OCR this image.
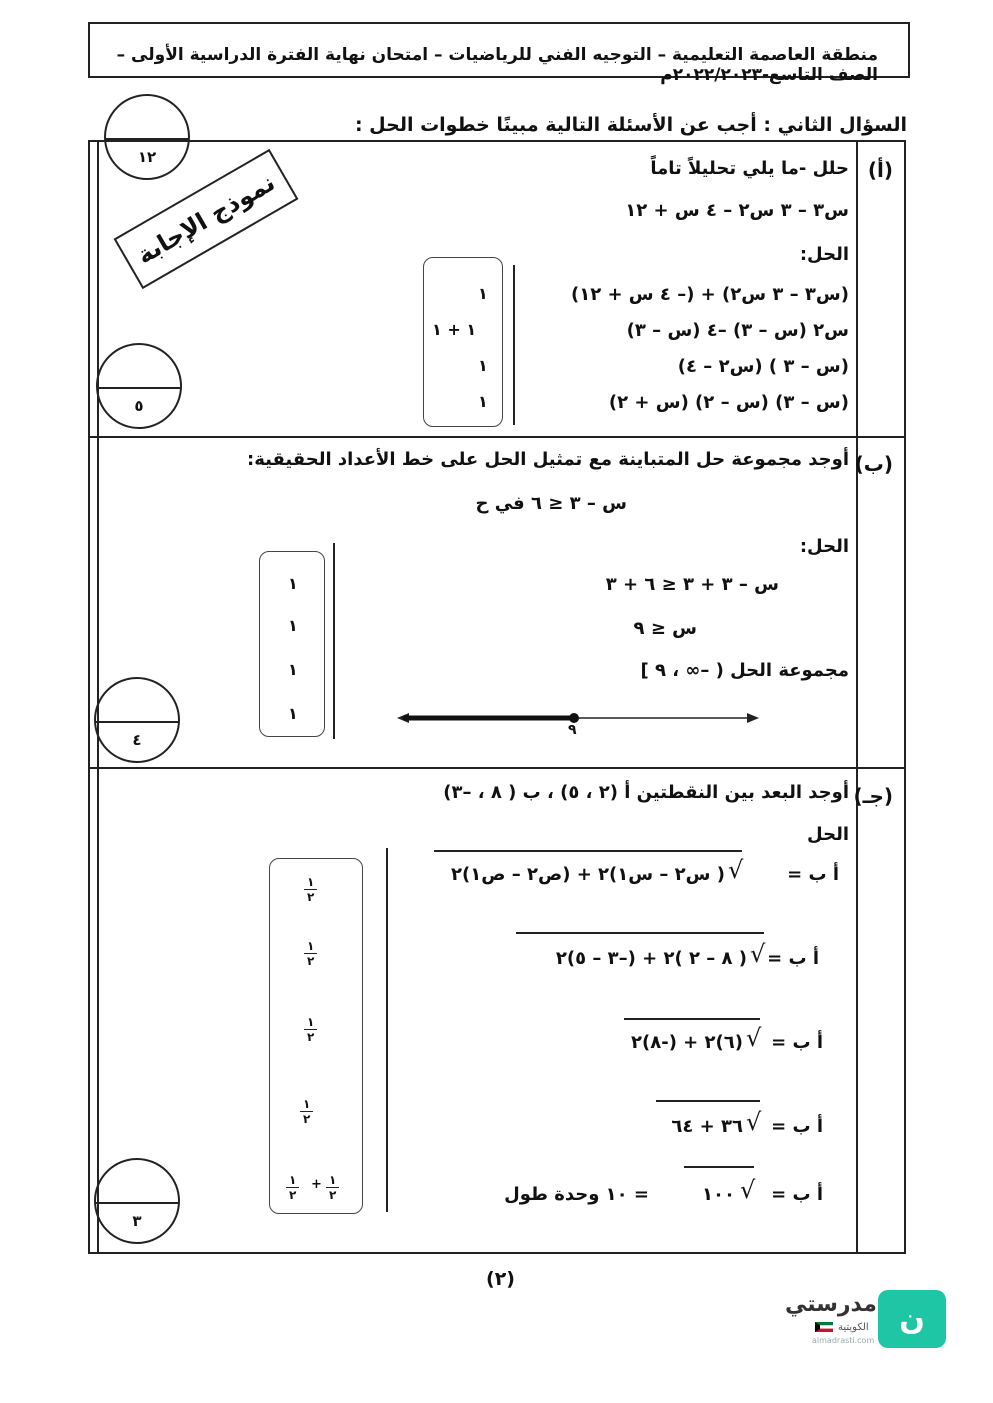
منطقة العاصمة التعليمية – التوجيه الفني للرياضيات – امتحان نهاية الفترة الدراسية الأولى – الصف التاسع-٢٠٢٢/٢٠٢٣م
السؤال الثاني : أجب عن الأسئلة التالية مبينًا خطوات الحل :
١٢
نموذج الإجابة	(أ)
حلل -ما يلي تحليلاً تاماً
س٣ – ٣ س٢ – ٤ س + ١٢
الحل:
(س٣ – ٣ س٢) + (– ٤ س + ١٢)
س٢ (س – ٣) –٤ (س – ٣)
(س – ٣ ) (س٢ – ٤)
(س – ٣) (س – ٢) (س + ٢)
١
١ + ١
١
١
٥
(ب)
أوجد مجموعة حل المتباينة مع تمثيل الحل على خط الأعداد الحقيقية:
س – ٣ ≤ ٦ في ح
الحل:
س – ٣ + ٣ ≤ ٦ + ٣
س ≤ ٩
مجموعة الحل ( –∞ ، ٩ ]
٩
١
١
١
١
٤
(جـ)
أوجد البعد بين النقطتين أ (٢ ، ٥) ، ب ( ٨ ، –٣)
الحل
أ ب =
√
( س٢ – س١)٢ + (ص٢ – ص١)٢
أ ب =
√
( ٨ – ٢ )٢ + (–٣ – ٥)٢
أ ب =
√
(٦)٢ + (-٨)٢
أ ب =
√
٣٦ + ٦٤
أ ب =
√
١٠٠
= ١٠ وحدة طول
١
٢
١
٢
١
٢
١
٢
١
٢
+ ١
٢
٣
(٢)
ن
مدرستي
الكويتية
almadrasti.com
